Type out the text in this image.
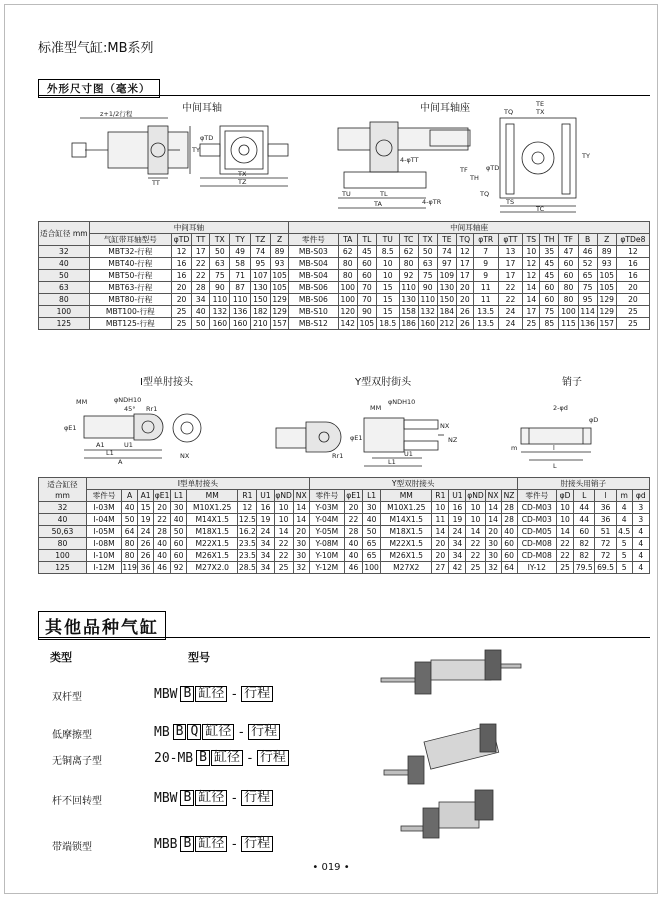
标准型气缸:MB系列
外形尺寸图（毫米）
中间耳轴	中间耳轴座
z+1/2行程
TY
TT
TX
TZ
φTD
TE
TQ	TX
TY
TF
TH
φTD
4-φTT
TU	TL
TA	4-φTR
TQ
TS
TC
适合缸径 mm	中间耳轴							中间耳轴座															
	气缸带耳轴型号	φTD	TT	TX	TY	TZ	Z	零件号	TA	TL	TU	TC	TX	TE	TQ	φTR	φTT	TS	TH	TF	B	Z	φTDe8
32	MBT32-行程	12	17	50	49	74	89	MB-S03	62	45	8.5	62	50	74	12	7	13	10	35	47	46	89	12
40	MBT40-行程	16	22	63	58	95	93	MB-S04	80	60	10	80	63	97	17	9	17	12	45	60	52	93	16
50	MBT50-行程	16	22	75	71	107	105	MB-S04	80	60	10	92	75	109	17	9	17	12	45	60	65	105	16
63	MBT63-行程	20	28	90	87	130	105	MB-S06	100	70	15	110	90	130	20	11	22	14	60	80	75	105	20
80	MBT80-行程	20	34	110	110	150	129	MB-S06	100	70	15	130	110	150	20	11	22	14	60	80	95	129	20
100	MBT100-行程	25	40	132	136	182	129	MB-S10	120	90	15	158	132	184	26	13.5	24	17	75	100	114	129	25
125	MBT125-行程	25	50	160	160	210	157	MB-S12	142	105	18.5	186	160	212	26	13.5	24	25	85	115	136	157	25
I型单肘接头	Y型双肘街头	销子
MM	φNDH10
45° Rr1
φE1
A1	U1
L1
A
NX
MM
φNDH10
φE1
Rr1
NX
NZ
U1
L1
2-φd
φD
m	l
L
适合缸径 mm	I型单肘接头										Y型双肘接头									肘接头用销子					
	零件号	A	A1	φE1	L1	MM	R1	U1	φND	NX	零件号	φE1	L1	MM	R1	U1	φND	NX	NZ	零件号	φD	L	l	m	φd
32	I-03M	40	15	20	30	M10X1.25	12	16	10	14	Y-03M	20	30	M10X1.25	10	16	10	14	28	CD-M03	10	44	36	4	3
40	I-04M	50	19	22	40	M14X1.5	12.5	19	10	14	Y-04M	22	40	M14X1.5	11	19	10	14	28	CD-M03	10	44	36	4	3
50,63	I-05M	64	24	28	50	M18X1.5	16.2	24	14	20	Y-05M	28	50	M18X1.5	14	24	14	20	40	CD-M05	14	60	51	4.5	4
80	I-08M	80	26	40	60	M22X1.5	23.5	34	22	30	Y-08M	40	65	M22X1.5	20	34	22	30	60	CD-M08	22	82	72	5	4
100	I-10M	80	26	40	60	M26X1.5	23.5	34	22	30	Y-10M	40	65	M26X1.5	20	34	22	30	60	CD-M08	22	82	72	5	4
125	I-12M	119	36	46	92	M27X2.0	28.5	34	25	32	Y-12M	46	100	M27X2	27	42	25	32	64	IY-12	25	79.5	69.5	5	4
其他品种气缸
类型	型号
双杆型	MBW B 缸径 - 行程
低摩擦型	MB B Q 缸径 - 行程
无铜离子型	20-MB B 缸径 - 行程
杆不回转型	MBW B 缸径 - 行程
带端锁型	MBB B 缸径 - 行程
• 019 •
